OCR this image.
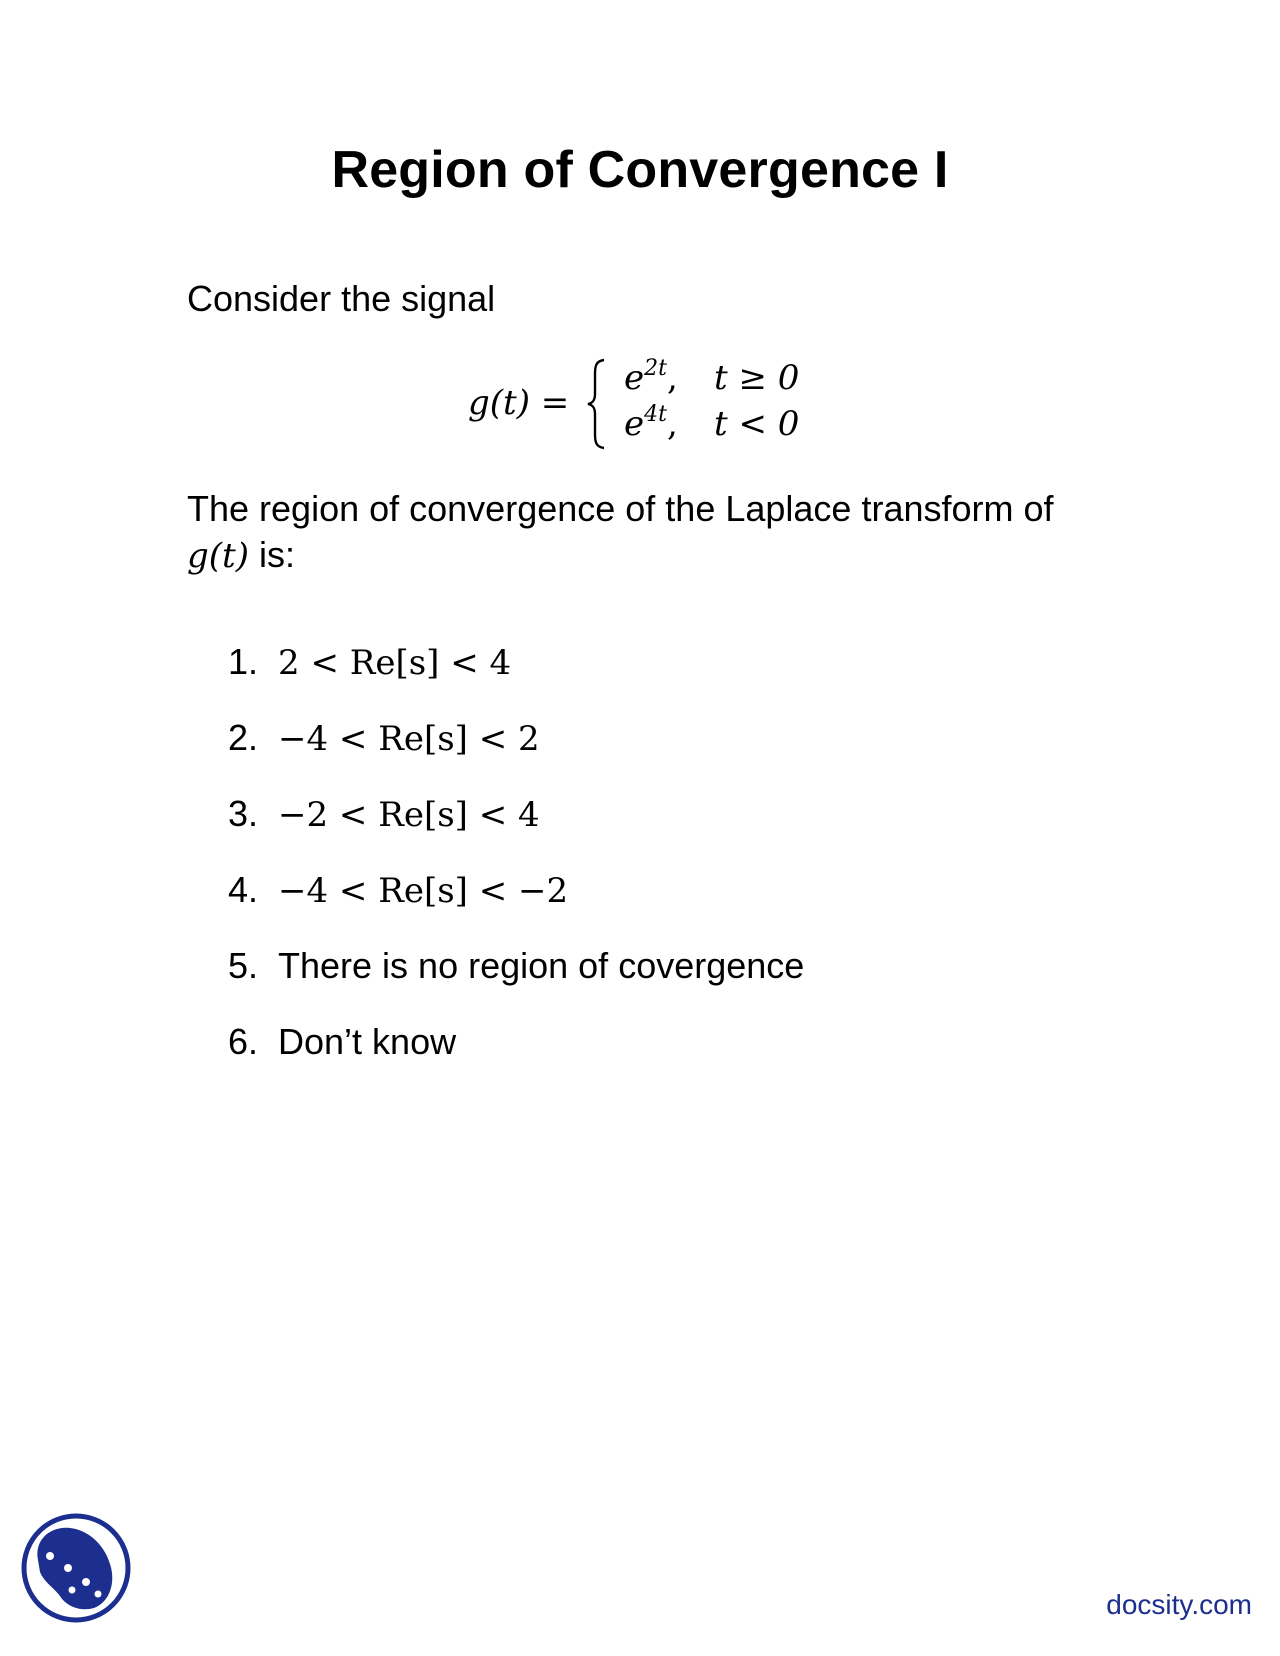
Region of Convergence I

Consider the signal

g(t) =
$e^{2t}$, t ≥ 0
$e^{4t}$, t < 0

The region of convergence of the Laplace transform of
g(t) is:

1. 2 < Re[s] < 4
2. −4 < Re[s] < 2
3. −2 < Re[s] < 4
4. −4 < Re[s] < −2
5. There is no region of covergence
6. Don’t know
docsity.com
